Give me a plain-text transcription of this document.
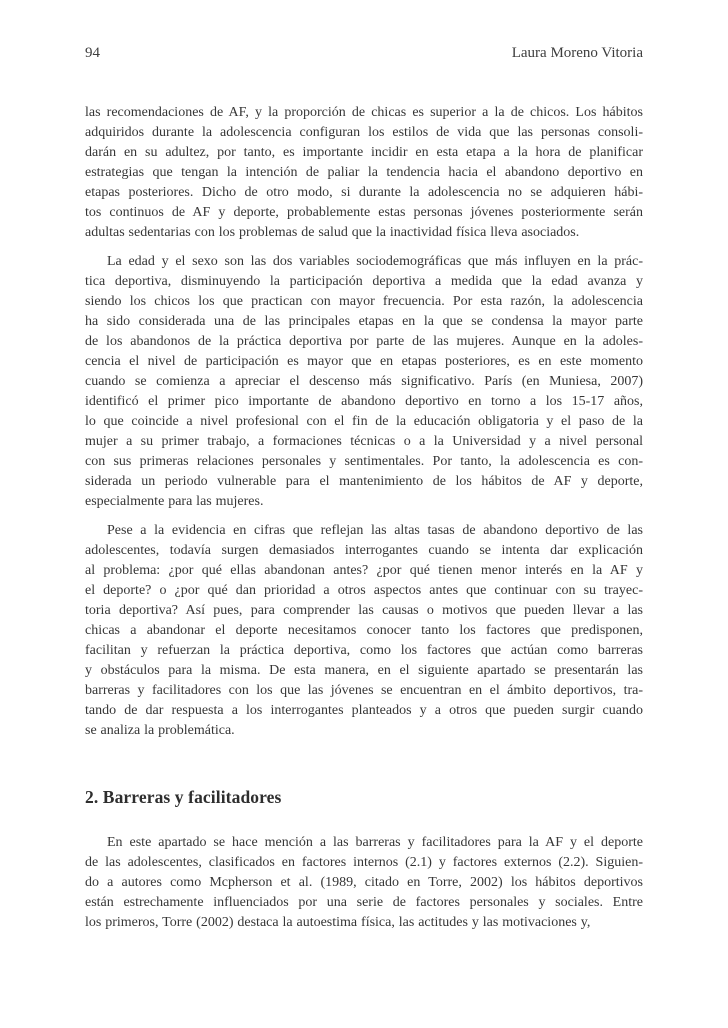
94	Laura Moreno Vitoria

las recomendaciones de AF, y la proporción de chicas es superior a la de chicos. Los hábitos
adquiridos durante la adolescencia configuran los estilos de vida que las personas consoli-
darán en su adultez, por tanto, es importante incidir en esta etapa a la hora de planificar
estrategias que tengan la intención de paliar la tendencia hacia el abandono deportivo en
etapas posteriores. Dicho de otro modo, si durante la adolescencia no se adquieren hábi-
tos continuos de AF y deporte, probablemente estas personas jóvenes posteriormente serán
adultas sedentarias con los problemas de salud que la inactividad física lleva asociados.

La edad y el sexo son las dos variables sociodemográficas que más influyen en la prác-
tica deportiva, disminuyendo la participación deportiva a medida que la edad avanza y
siendo los chicos los que practican con mayor frecuencia. Por esta razón, la adolescencia
ha sido considerada una de las principales etapas en la que se condensa la mayor parte
de los abandonos de la práctica deportiva por parte de las mujeres. Aunque en la adoles-
cencia el nivel de participación es mayor que en etapas posteriores, es en este momento
cuando se comienza a apreciar el descenso más significativo. París (en Muniesa, 2007)
identificó el primer pico importante de abandono deportivo en torno a los 15-17 años,
lo que coincide a nivel profesional con el fin de la educación obligatoria y el paso de la
mujer a su primer trabajo, a formaciones técnicas o a la Universidad y a nivel personal
con sus primeras relaciones personales y sentimentales. Por tanto, la adolescencia es con-
siderada un periodo vulnerable para el mantenimiento de los hábitos de AF y deporte,
especialmente para las mujeres.

Pese a la evidencia en cifras que reflejan las altas tasas de abandono deportivo de las
adolescentes, todavía surgen demasiados interrogantes cuando se intenta dar explicación
al problema: ¿por qué ellas abandonan antes? ¿por qué tienen menor interés en la AF y
el deporte? o ¿por qué dan prioridad a otros aspectos antes que continuar con su trayec-
toria deportiva? Así pues, para comprender las causas o motivos que pueden llevar a las
chicas a abandonar el deporte necesitamos conocer tanto los factores que predisponen,
facilitan y refuerzan la práctica deportiva, como los factores que actúan como barreras
y obstáculos para la misma. De esta manera, en el siguiente apartado se presentarán las
barreras y facilitadores con los que las jóvenes se encuentran en el ámbito deportivos, tra-
tando de dar respuesta a los interrogantes planteados y a otros que pueden surgir cuando
se analiza la problemática.

2. Barreras y facilitadores

En este apartado se hace mención a las barreras y facilitadores para la AF y el deporte
de las adolescentes, clasificados en factores internos (2.1) y factores externos (2.2). Siguien-
do a autores como Mcpherson et al. (1989, citado en Torre, 2002) los hábitos deportivos
están estrechamente influenciados por una serie de factores personales y sociales. Entre
los primeros, Torre (2002) destaca la autoestima física, las actitudes y las motivaciones y,
